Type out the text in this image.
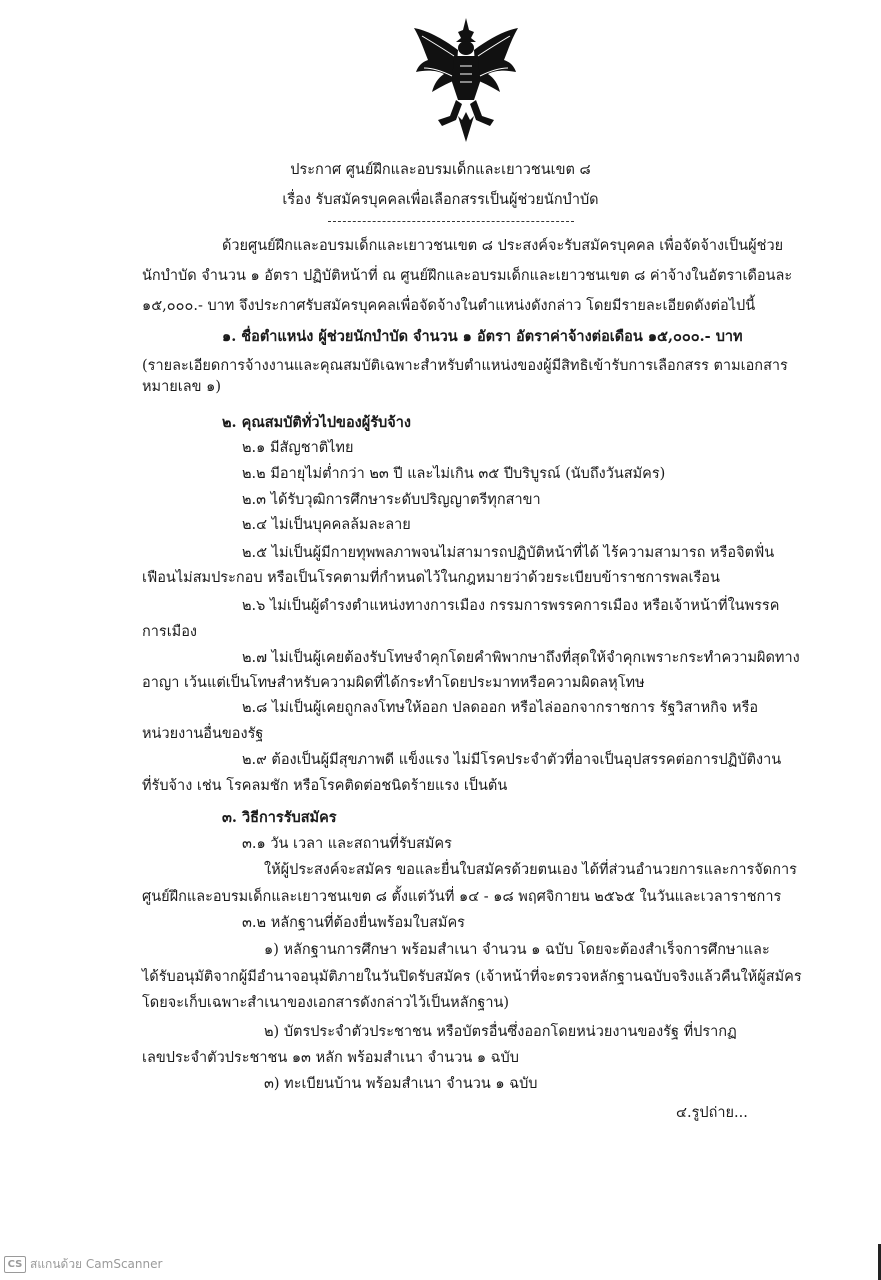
ประกาศ ศูนย์ฝึกและอบรมเด็กและเยาวชนเขต ๘
เรื่อง รับสมัครบุคคลเพื่อเลือกสรรเป็นผู้ช่วยนักบำบัด
ด้วยศูนย์ฝึกและอบรมเด็กและเยาวชนเขต ๘ ประสงค์จะรับสมัครบุคคล เพื่อจัดจ้างเป็นผู้ช่วย
นักบำบัด จำนวน ๑ อัตรา ปฏิบัติหน้าที่ ณ ศูนย์ฝึกและอบรมเด็กและเยาวชนเขต ๘ ค่าจ้างในอัตราเดือนละ
๑๕,๐๐๐.- บาท จึงประกาศรับสมัครบุคคลเพื่อจัดจ้างในตำแหน่งดังกล่าว โดยมีรายละเอียดดังต่อไปนี้
๑. ชื่อตำแหน่ง ผู้ช่วยนักบำบัด จำนวน ๑ อัตรา อัตราค่าจ้างต่อเดือน ๑๕,๐๐๐.- บาท
(รายละเอียดการจ้างงานและคุณสมบัติเฉพาะสำหรับตำแหน่งของผู้มีสิทธิเข้ารับการเลือกสรร ตามเอกสาร
หมายเลข ๑)
๒. คุณสมบัติทั่วไปของผู้รับจ้าง
๒.๑ มีสัญชาติไทย
๒.๒ มีอายุไม่ต่ำกว่า ๒๓ ปี และไม่เกิน ๓๕ ปีบริบูรณ์ (นับถึงวันสมัคร)
๒.๓ ได้รับวุฒิการศึกษาระดับปริญญาตรีทุกสาขา
๒.๔ ไม่เป็นบุคคลล้มละลาย
๒.๕ ไม่เป็นผู้มีกายทุพพลภาพจนไม่สามารถปฏิบัติหน้าที่ได้ ไร้ความสามารถ หรือจิตฟั่น
เฟือนไม่สมประกอบ หรือเป็นโรคตามที่กำหนดไว้ในกฎหมายว่าด้วยระเบียบข้าราชการพลเรือน
๒.๖ ไม่เป็นผู้ดำรงตำแหน่งทางการเมือง กรรมการพรรคการเมือง หรือเจ้าหน้าที่ในพรรค
การเมือง
๒.๗ ไม่เป็นผู้เคยต้องรับโทษจำคุกโดยคำพิพากษาถึงที่สุดให้จำคุกเพราะกระทำความผิดทาง
อาญา เว้นแต่เป็นโทษสำหรับความผิดที่ได้กระทำโดยประมาทหรือความผิดลหุโทษ
๒.๘ ไม่เป็นผู้เคยถูกลงโทษให้ออก ปลดออก หรือไล่ออกจากราชการ รัฐวิสาหกิจ หรือ
หน่วยงานอื่นของรัฐ
๒.๙ ต้องเป็นผู้มีสุขภาพดี แข็งแรง ไม่มีโรคประจำตัวที่อาจเป็นอุปสรรคต่อการปฏิบัติงาน
ที่รับจ้าง เช่น โรคลมชัก หรือโรคติดต่อชนิดร้ายแรง เป็นต้น
๓. วิธีการรับสมัคร
๓.๑ วัน เวลา และสถานที่รับสมัคร
ให้ผู้ประสงค์จะสมัคร ขอและยื่นใบสมัครด้วยตนเอง ได้ที่ส่วนอำนวยการและการจัดการ
ศูนย์ฝึกและอบรมเด็กและเยาวชนเขต ๘ ตั้งแต่วันที่ ๑๔ - ๑๘ พฤศจิกายน ๒๕๖๕ ในวันและเวลาราชการ
๓.๒ หลักฐานที่ต้องยื่นพร้อมใบสมัคร
๑) หลักฐานการศึกษา พร้อมสำเนา จำนวน ๑ ฉบับ โดยจะต้องสำเร็จการศึกษาและ
ได้รับอนุมัติจากผู้มีอำนาจอนุมัติภายในวันปิดรับสมัคร (เจ้าหน้าที่จะตรวจหลักฐานฉบับจริงแล้วคืนให้ผู้สมัคร
โดยจะเก็บเฉพาะสำเนาของเอกสารดังกล่าวไว้เป็นหลักฐาน)
๒) บัตรประจำตัวประชาชน หรือบัตรอื่นซึ่งออกโดยหน่วยงานของรัฐ ที่ปรากฏ
เลขประจำตัวประชาชน ๑๓ หลัก พร้อมสำเนา จำนวน ๑ ฉบับ
๓) ทะเบียนบ้าน พร้อมสำเนา จำนวน ๑ ฉบับ
๔.รูปถ่าย...
CS สแกนด้วย CamScanner
